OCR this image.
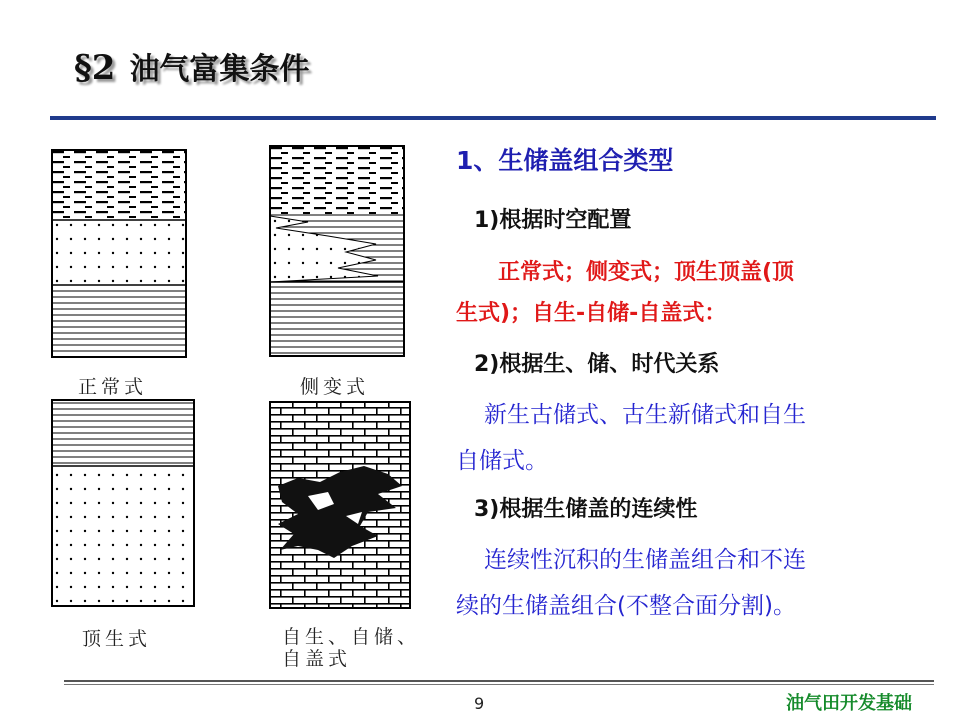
§2 油气富集条件
正常式	侧变式
顶生式	自生、自储、
自盖式
1、生储盖组合类型
1)根据时空配置
正常式；侧变式；顶生顶盖(顶
生式)；自生-自储-自盖式：
2)根据生、储、时代关系
新生古储式、古生新储式和自生
自储式。
3)根据生储盖的连续性
连续性沉积的生储盖组合和不连
续的生储盖组合(不整合面分割)。
9	油气田开发基础
